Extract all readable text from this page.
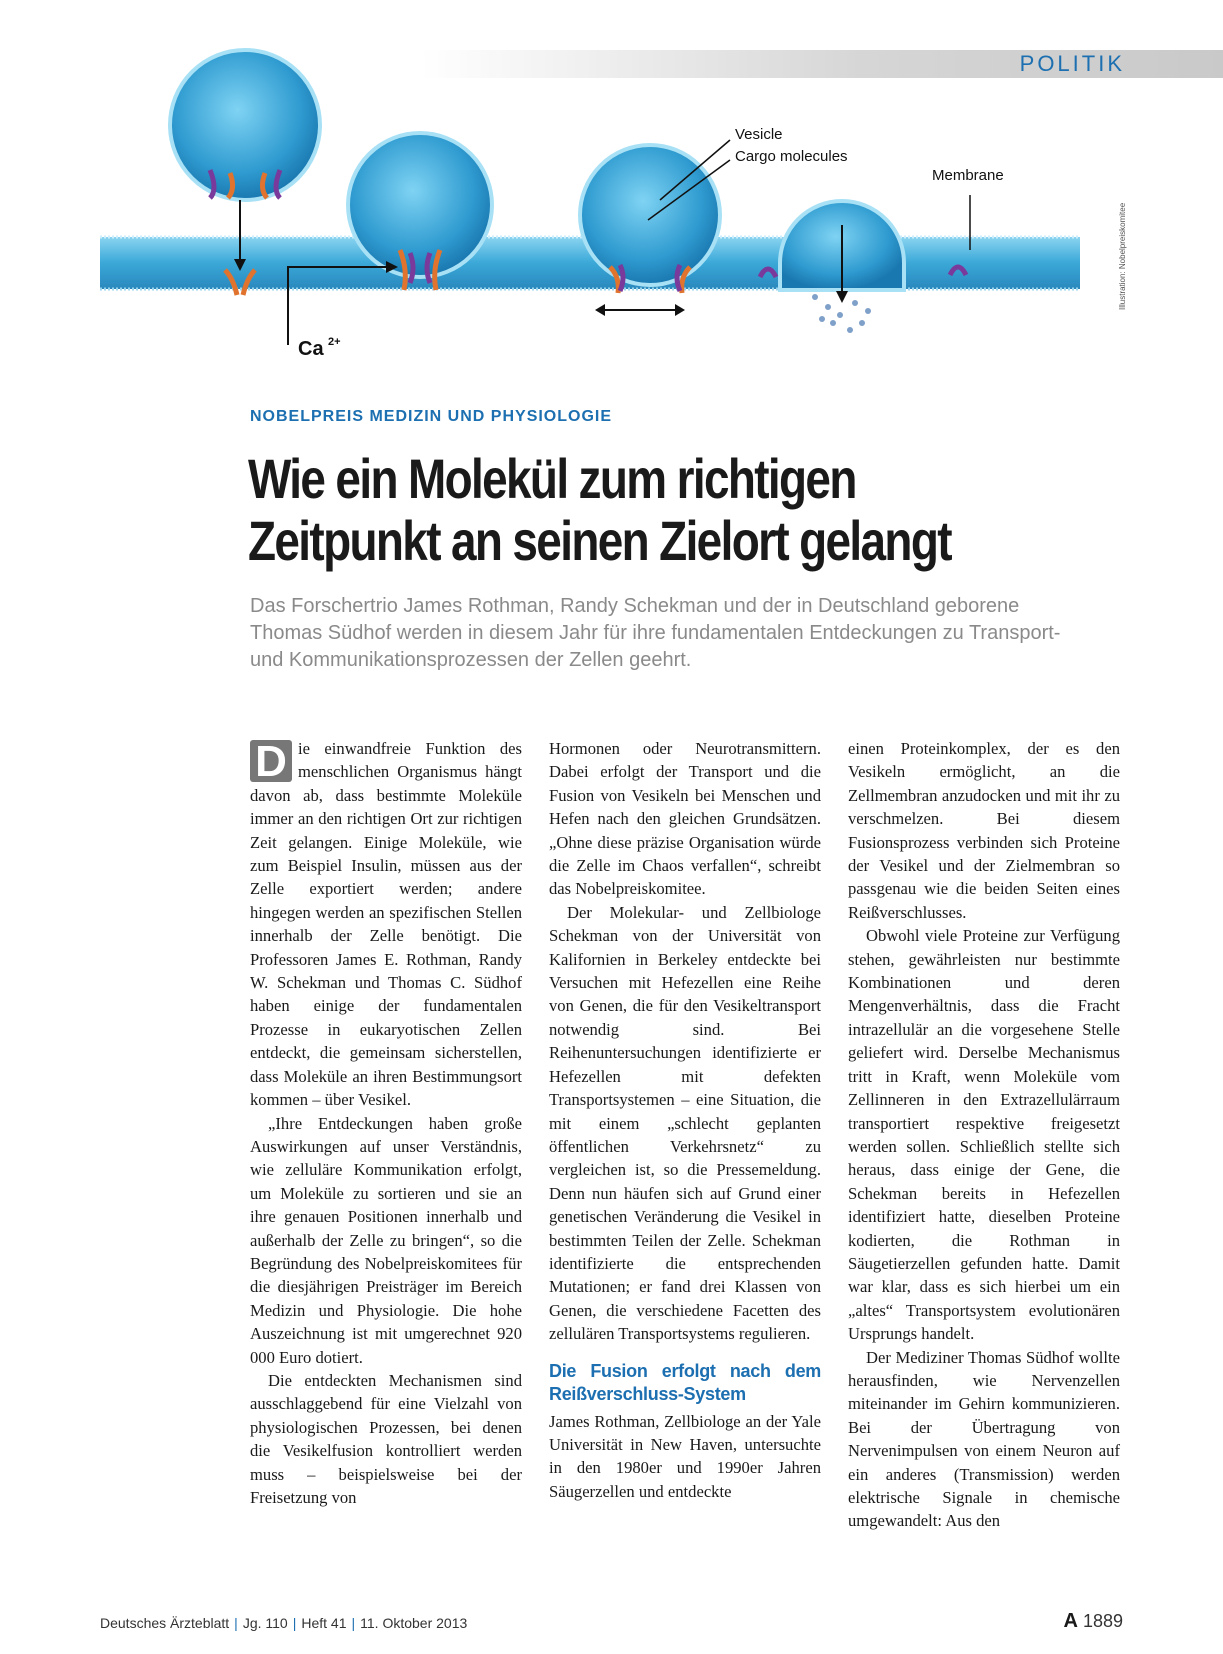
POLITIK
Ca 2+
Vesicle
Cargo molecules
Membrane
Illustration: Nobelpreiskomitee
NOBELPREIS MEDIZIN UND PHYSIOLOGIE
Wie ein Molekül zum richtigen
Zeitpunkt an seinen Zielort gelangt
Das Forschertrio James Rothman, Randy Schekman und der in Deutschland geborene Thomas Südhof werden in diesem Jahr für ihre fundamentalen Entdeckungen zu Transport- und Kommunikationsprozessen der Zellen geehrt.

D ie einwandfreie Funktion des menschlichen Organismus hängt davon ab, dass bestimmte Moleküle immer an den richtigen Ort zur richtigen Zeit gelangen. Einige Moleküle, wie zum Beispiel Insulin, müssen aus der Zelle exportiert werden; andere hingegen werden an spezifischen Stellen innerhalb der Zelle benötigt. Die Professoren James E. Rothman, Randy W. Schekman und Thomas C. Südhof haben einige der fundamentalen Prozesse in eukaryotischen Zellen entdeckt, die gemeinsam sicherstellen, dass Moleküle an ihren Bestimmungsort kommen – über Vesikel.

„Ihre Entdeckungen haben große Auswirkungen auf unser Verständnis, wie zelluläre Kommunikation erfolgt, um Moleküle zu sortieren und sie an ihre genauen Positionen innerhalb und außerhalb der Zelle zu bringen“, so die Begründung des Nobelpreiskomitees für die diesjährigen Preisträger im Bereich Medizin und Physiologie. Die hohe Auszeichnung ist mit umgerechnet 920 000 Euro dotiert.

Die entdeckten Mechanismen sind ausschlaggebend für eine Vielzahl von physiologischen Prozessen, bei denen die Vesikelfusion kontrolliert werden muss – beispielsweise bei der Freisetzung von

Hormonen oder Neurotransmittern. Dabei erfolgt der Transport und die Fusion von Vesikeln bei Menschen und Hefen nach den gleichen Grundsätzen. „Ohne diese präzise Organisation würde die Zelle im Chaos verfallen“, schreibt das Nobelpreiskomitee.

Der Molekular- und Zellbiologe Schekman von der Universität von Kalifornien in Berkeley entdeckte bei Versuchen mit Hefezellen eine Reihe von Genen, die für den Vesikeltransport notwendig sind. Bei Reihenuntersuchungen identifizierte er Hefezellen mit defekten Transportsystemen – eine Situation, die mit einem „schlecht geplanten öffentlichen Verkehrsnetz“ zu vergleichen ist, so die Pressemeldung. Denn nun häufen sich auf Grund einer genetischen Veränderung die Vesikel in bestimmten Teilen der Zelle. Schekman identifizierte die entsprechenden Mutationen; er fand drei Klassen von Genen, die verschiedene Facetten des zellulären Transportsystems regulieren.

Die Fusion erfolgt nach dem Reißverschluss-System

James Rothman, Zellbiologe an der Yale Universität in New Haven, untersuchte in den 1980er und 1990er Jahren Säugerzellen und entdeckte

einen Proteinkomplex, der es den Vesikeln ermöglicht, an die Zellmembran anzudocken und mit ihr zu verschmelzen. Bei diesem Fusionsprozess verbinden sich Proteine der Vesikel und der Zielmembran so passgenau wie die beiden Seiten eines Reißverschlusses.

Obwohl viele Proteine zur Verfügung stehen, gewährleisten nur bestimmte Kombinationen und deren Mengenverhältnis, dass die Fracht intrazellulär an die vorgesehene Stelle geliefert wird. Derselbe Mechanismus tritt in Kraft, wenn Moleküle vom Zellinneren in den Extrazellulärraum transportiert respektive freigesetzt werden sollen. Schließlich stellte sich heraus, dass einige der Gene, die Schekman bereits in Hefezellen identifiziert hatte, dieselben Proteine kodierten, die Rothman in Säugetierzellen gefunden hatte. Damit war klar, dass es sich hierbei um ein „altes“ Transportsystem evolutionären Ursprungs handelt.

Der Mediziner Thomas Südhof wollte herausfinden, wie Nervenzellen miteinander im Gehirn kommunizieren. Bei der Übertragung von Nervenimpulsen von einem Neuron auf ein anderes (Transmission) werden elektrische Signale in chemische umgewandelt: Aus den

Deutsches Ärzteblatt | Jg. 110 | Heft 41 | 11. Oktober 2013	A 1889
